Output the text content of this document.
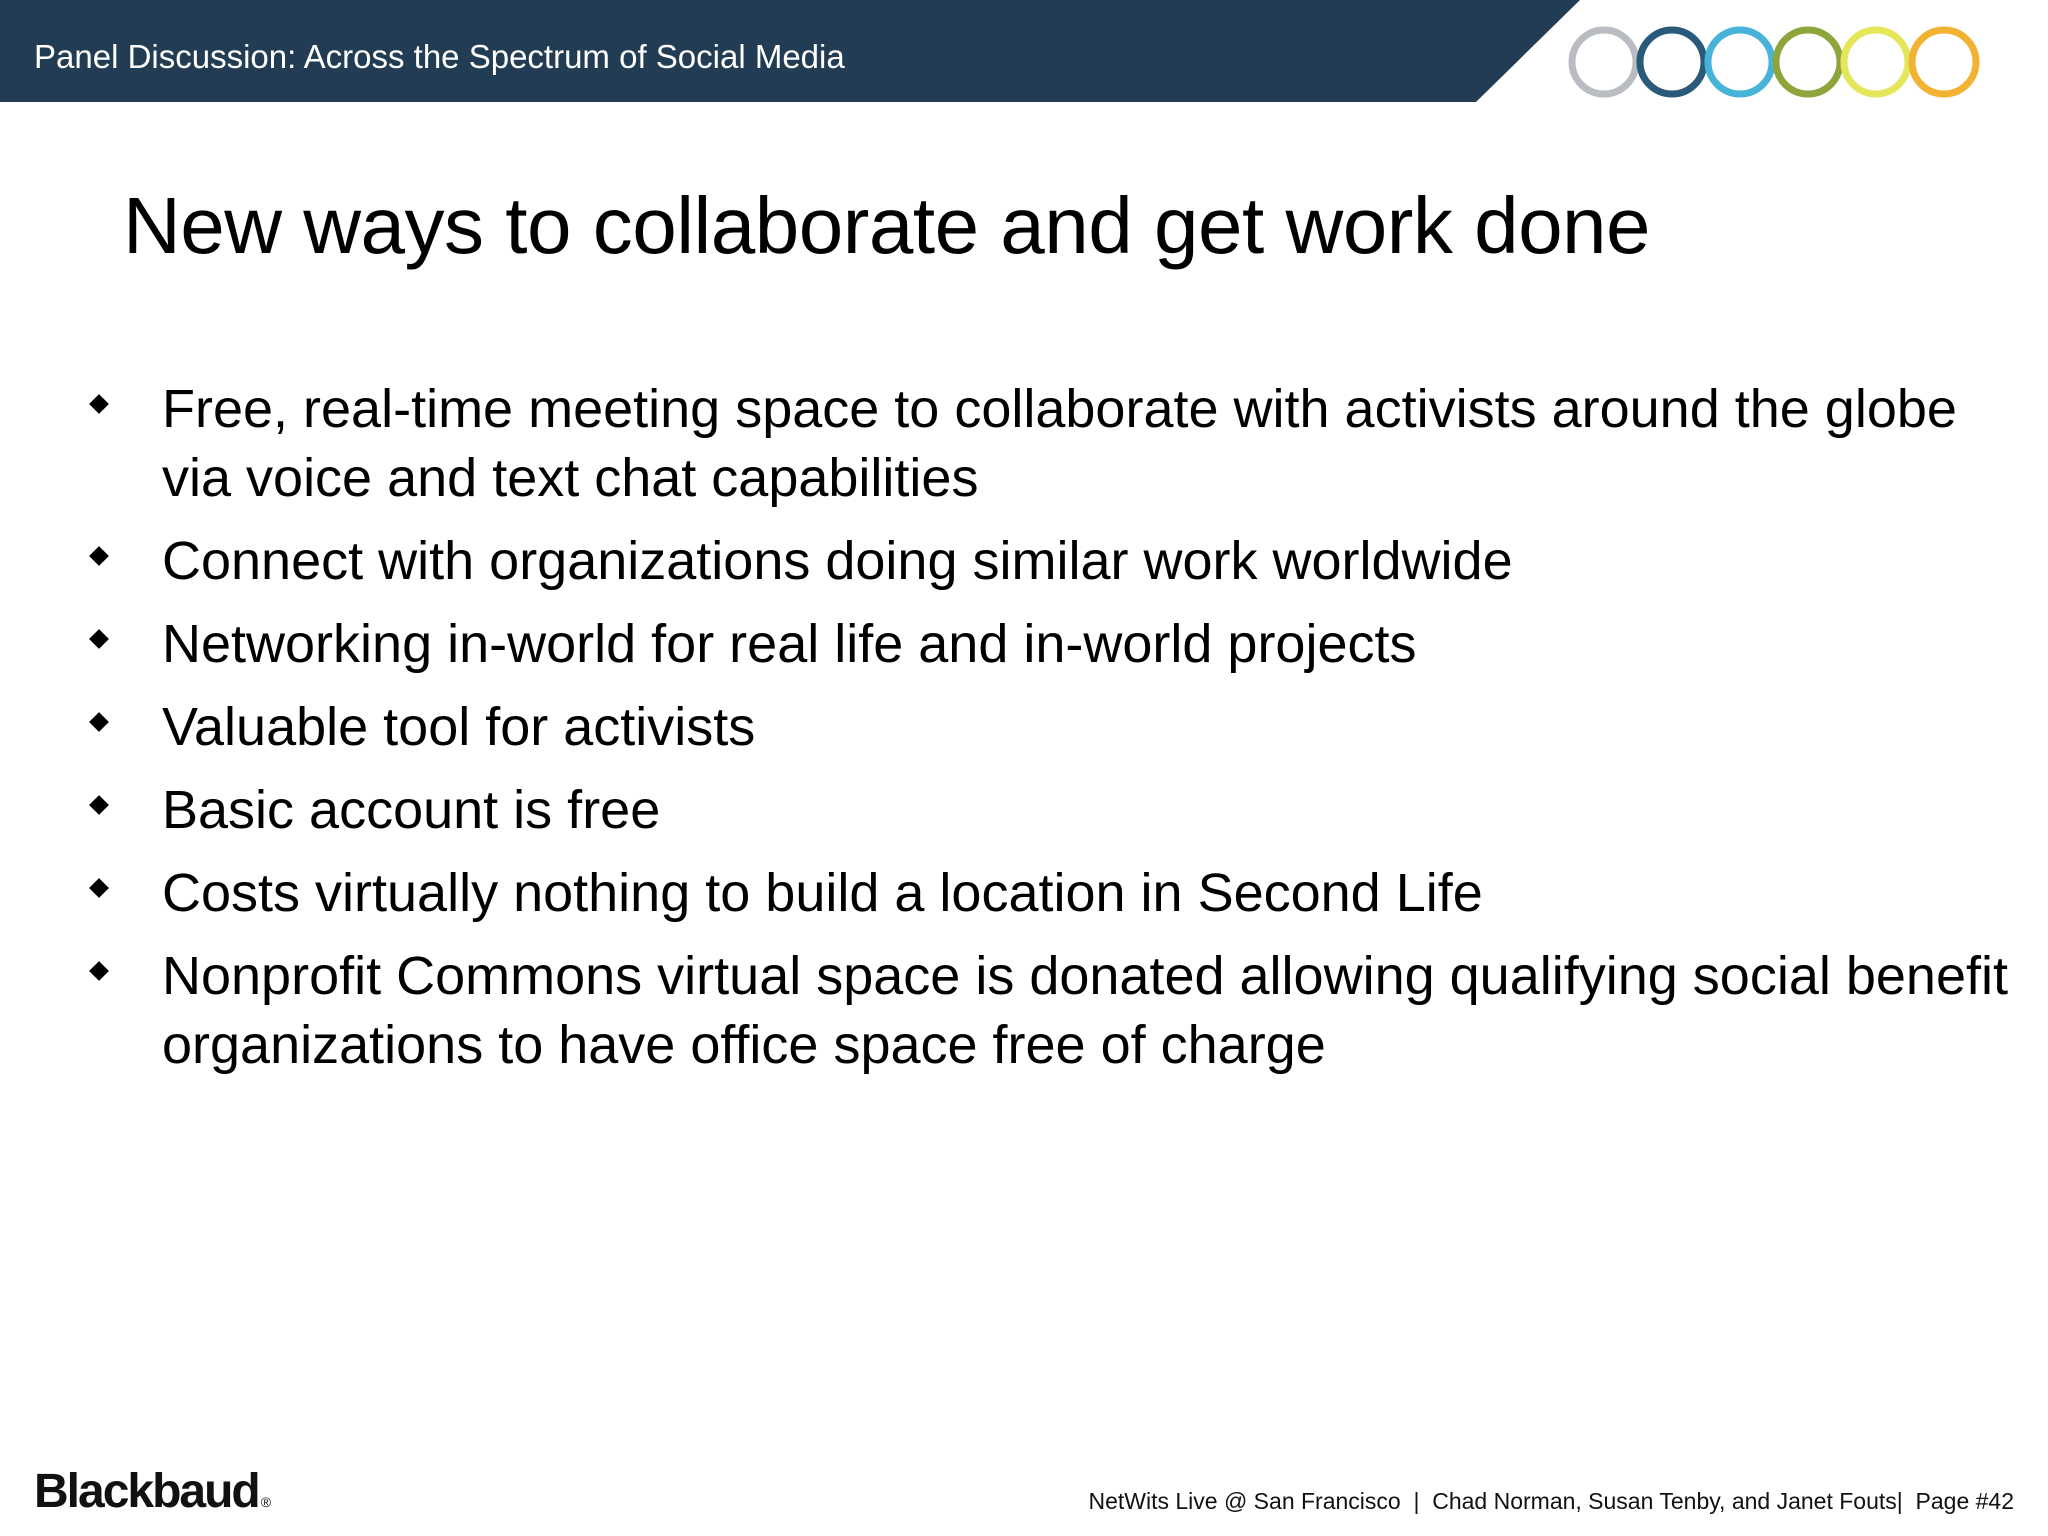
Panel Discussion: Across the Spectrum of Social Media
New ways to collaborate and get work done
Free, real-time meeting space to collaborate with activists around the globe via voice and text chat capabilities
Connect with organizations doing similar work worldwide
Networking in-world for real life and in-world projects
Valuable tool for activists
Basic account is free
Costs virtually nothing to build a location in Second Life
Nonprofit Commons virtual space is donated allowing qualifying social benefit organizations to have office space free of charge
Blackbaud ®	NetWits Live @ San Francisco  |  Chad Norman, Susan Tenby, and Janet Fouts|  Page #42
